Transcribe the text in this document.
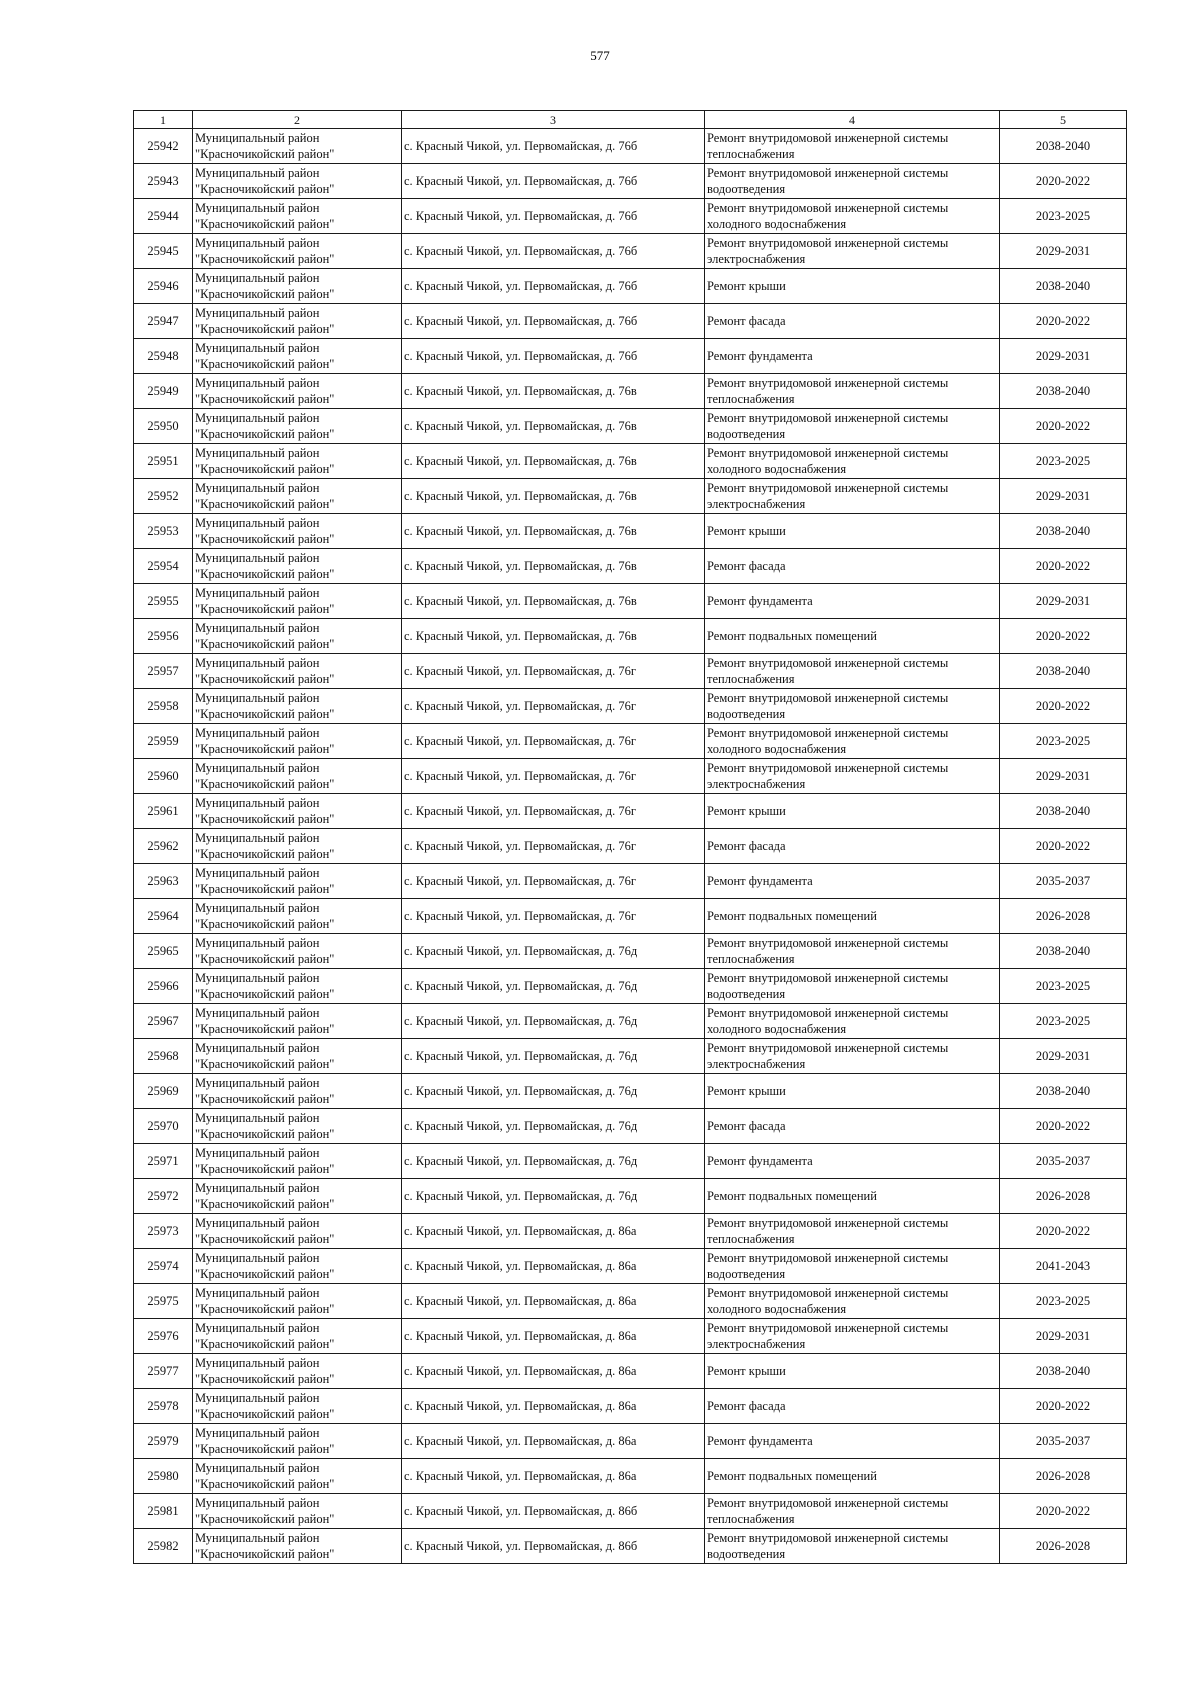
577
1	2	3	4	5
25942	Муниципальный район "Красночикойский район"	с. Красный Чикой, ул. Первомайская, д. 76б	Ремонт внутридомовой инженерной системы теплоснабжения	2038-2040
25943	Муниципальный район "Красночикойский район"	с. Красный Чикой, ул. Первомайская, д. 76б	Ремонт внутридомовой инженерной системы водоотведения	2020-2022
25944	Муниципальный район "Красночикойский район"	с. Красный Чикой, ул. Первомайская, д. 76б	Ремонт внутридомовой инженерной системы холодного водоснабжения	2023-2025
25945	Муниципальный район "Красночикойский район"	с. Красный Чикой, ул. Первомайская, д. 76б	Ремонт внутридомовой инженерной системы электроснабжения	2029-2031
25946	Муниципальный район "Красночикойский район"	с. Красный Чикой, ул. Первомайская, д. 76б	Ремонт крыши	2038-2040
25947	Муниципальный район "Красночикойский район"	с. Красный Чикой, ул. Первомайская, д. 76б	Ремонт фасада	2020-2022
25948	Муниципальный район "Красночикойский район"	с. Красный Чикой, ул. Первомайская, д. 76б	Ремонт фундамента	2029-2031
25949	Муниципальный район "Красночикойский район"	с. Красный Чикой, ул. Первомайская, д. 76в	Ремонт внутридомовой инженерной системы теплоснабжения	2038-2040
25950	Муниципальный район "Красночикойский район"	с. Красный Чикой, ул. Первомайская, д. 76в	Ремонт внутридомовой инженерной системы водоотведения	2020-2022
25951	Муниципальный район "Красночикойский район"	с. Красный Чикой, ул. Первомайская, д. 76в	Ремонт внутридомовой инженерной системы холодного водоснабжения	2023-2025
25952	Муниципальный район "Красночикойский район"	с. Красный Чикой, ул. Первомайская, д. 76в	Ремонт внутридомовой инженерной системы электроснабжения	2029-2031
25953	Муниципальный район "Красночикойский район"	с. Красный Чикой, ул. Первомайская, д. 76в	Ремонт крыши	2038-2040
25954	Муниципальный район "Красночикойский район"	с. Красный Чикой, ул. Первомайская, д. 76в	Ремонт фасада	2020-2022
25955	Муниципальный район "Красночикойский район"	с. Красный Чикой, ул. Первомайская, д. 76в	Ремонт фундамента	2029-2031
25956	Муниципальный район "Красночикойский район"	с. Красный Чикой, ул. Первомайская, д. 76в	Ремонт подвальных помещений	2020-2022
25957	Муниципальный район "Красночикойский район"	с. Красный Чикой, ул. Первомайская, д. 76г	Ремонт внутридомовой инженерной системы теплоснабжения	2038-2040
25958	Муниципальный район "Красночикойский район"	с. Красный Чикой, ул. Первомайская, д. 76г	Ремонт внутридомовой инженерной системы водоотведения	2020-2022
25959	Муниципальный район "Красночикойский район"	с. Красный Чикой, ул. Первомайская, д. 76г	Ремонт внутридомовой инженерной системы холодного водоснабжения	2023-2025
25960	Муниципальный район "Красночикойский район"	с. Красный Чикой, ул. Первомайская, д. 76г	Ремонт внутридомовой инженерной системы электроснабжения	2029-2031
25961	Муниципальный район "Красночикойский район"	с. Красный Чикой, ул. Первомайская, д. 76г	Ремонт крыши	2038-2040
25962	Муниципальный район "Красночикойский район"	с. Красный Чикой, ул. Первомайская, д. 76г	Ремонт фасада	2020-2022
25963	Муниципальный район "Красночикойский район"	с. Красный Чикой, ул. Первомайская, д. 76г	Ремонт фундамента	2035-2037
25964	Муниципальный район "Красночикойский район"	с. Красный Чикой, ул. Первомайская, д. 76г	Ремонт подвальных помещений	2026-2028
25965	Муниципальный район "Красночикойский район"	с. Красный Чикой, ул. Первомайская, д. 76д	Ремонт внутридомовой инженерной системы теплоснабжения	2038-2040
25966	Муниципальный район "Красночикойский район"	с. Красный Чикой, ул. Первомайская, д. 76д	Ремонт внутридомовой инженерной системы водоотведения	2023-2025
25967	Муниципальный район "Красночикойский район"	с. Красный Чикой, ул. Первомайская, д. 76д	Ремонт внутридомовой инженерной системы холодного водоснабжения	2023-2025
25968	Муниципальный район "Красночикойский район"	с. Красный Чикой, ул. Первомайская, д. 76д	Ремонт внутридомовой инженерной системы электроснабжения	2029-2031
25969	Муниципальный район "Красночикойский район"	с. Красный Чикой, ул. Первомайская, д. 76д	Ремонт крыши	2038-2040
25970	Муниципальный район "Красночикойский район"	с. Красный Чикой, ул. Первомайская, д. 76д	Ремонт фасада	2020-2022
25971	Муниципальный район "Красночикойский район"	с. Красный Чикой, ул. Первомайская, д. 76д	Ремонт фундамента	2035-2037
25972	Муниципальный район "Красночикойский район"	с. Красный Чикой, ул. Первомайская, д. 76д	Ремонт подвальных помещений	2026-2028
25973	Муниципальный район "Красночикойский район"	с. Красный Чикой, ул. Первомайская, д. 86а	Ремонт внутридомовой инженерной системы теплоснабжения	2020-2022
25974	Муниципальный район "Красночикойский район"	с. Красный Чикой, ул. Первомайская, д. 86а	Ремонт внутридомовой инженерной системы водоотведения	2041-2043
25975	Муниципальный район "Красночикойский район"	с. Красный Чикой, ул. Первомайская, д. 86а	Ремонт внутридомовой инженерной системы холодного водоснабжения	2023-2025
25976	Муниципальный район "Красночикойский район"	с. Красный Чикой, ул. Первомайская, д. 86а	Ремонт внутридомовой инженерной системы электроснабжения	2029-2031
25977	Муниципальный район "Красночикойский район"	с. Красный Чикой, ул. Первомайская, д. 86а	Ремонт крыши	2038-2040
25978	Муниципальный район "Красночикойский район"	с. Красный Чикой, ул. Первомайская, д. 86а	Ремонт фасада	2020-2022
25979	Муниципальный район "Красночикойский район"	с. Красный Чикой, ул. Первомайская, д. 86а	Ремонт фундамента	2035-2037
25980	Муниципальный район "Красночикойский район"	с. Красный Чикой, ул. Первомайская, д. 86а	Ремонт подвальных помещений	2026-2028
25981	Муниципальный район "Красночикойский район"	с. Красный Чикой, ул. Первомайская, д. 86б	Ремонт внутридомовой инженерной системы теплоснабжения	2020-2022
25982	Муниципальный район "Красночикойский район"	с. Красный Чикой, ул. Первомайская, д. 86б	Ремонт внутридомовой инженерной системы водоотведения	2026-2028
